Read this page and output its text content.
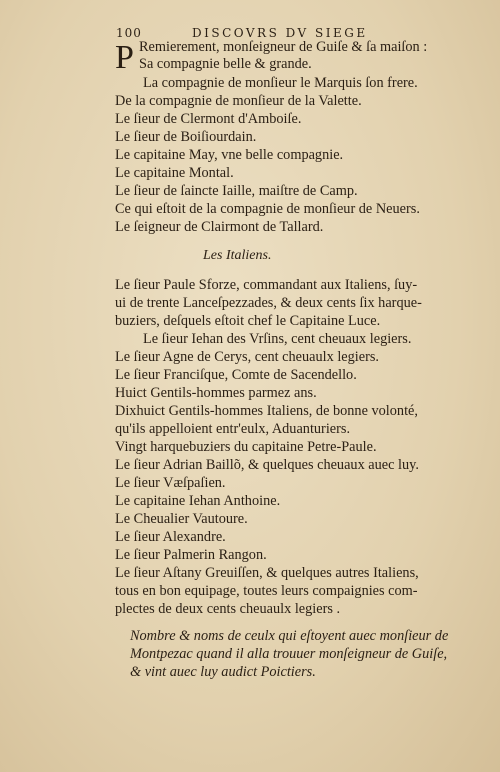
100	DISCOVRS DV SIEGE
P Remierement, monſeigneur de Guiſe & ſa maiſon :
Sa compagnie belle & grande.
La compagnie de monſieur le Marquis ſon frere.
De la compagnie de monſieur de la Valette.
Le ſieur de Clermont d'Amboiſe.
Le ſieur de Boiſiourdain.
Le capitaine May, vne belle compagnie.
Le capitaine Montal.
Le ſieur de ſaincte Iaille, maiſtre de Camp.
Ce qui eſtoit de la compagnie de monſieur de Neuers.
Le ſeigneur de Clairmont de Tallard.
Les Italiens.
Le ſieur Paule Sforze, commandant aux Italiens, ſuy-
ui de trente Lanceſpezzades, & deux cents ſix harque-
buziers, deſquels eſtoit chef le Capitaine Luce.
Le ſieur Iehan des Vrſins, cent cheuaux legiers.
Le ſieur Agne de Cerys, cent cheuaulx legiers.
Le ſieur Franciſque, Comte de Sacendello.
Huict Gentils-hommes parmez ans.
Dixhuict Gentils-hommes Italiens, de bonne volonté,
qu'ils appelloient entr'eulx, Aduanturiers.
Vingt harquebuziers du capitaine Petre-Paule.
Le ſieur Adrian Baillõ, & quelques cheuaux auec luy.
Le ſieur Væſpaſien.
Le capitaine Iehan Anthoine.
Le Cheualier Vautoure.
Le ſieur Alexandre.
Le ſieur Palmerin Rangon.
Le ſieur Aſtany Greuiſſen, & quelques autres Italiens,
tous en bon equipage, toutes leurs compaignies com-
plectes de deux cents cheuaulx legiers .
Nombre & noms de ceulx qui eſtoyent auec monſieur de
Montpezac quand il alla trouuer monſeigneur de Guiſe,
& vint auec luy audict Poictiers.
